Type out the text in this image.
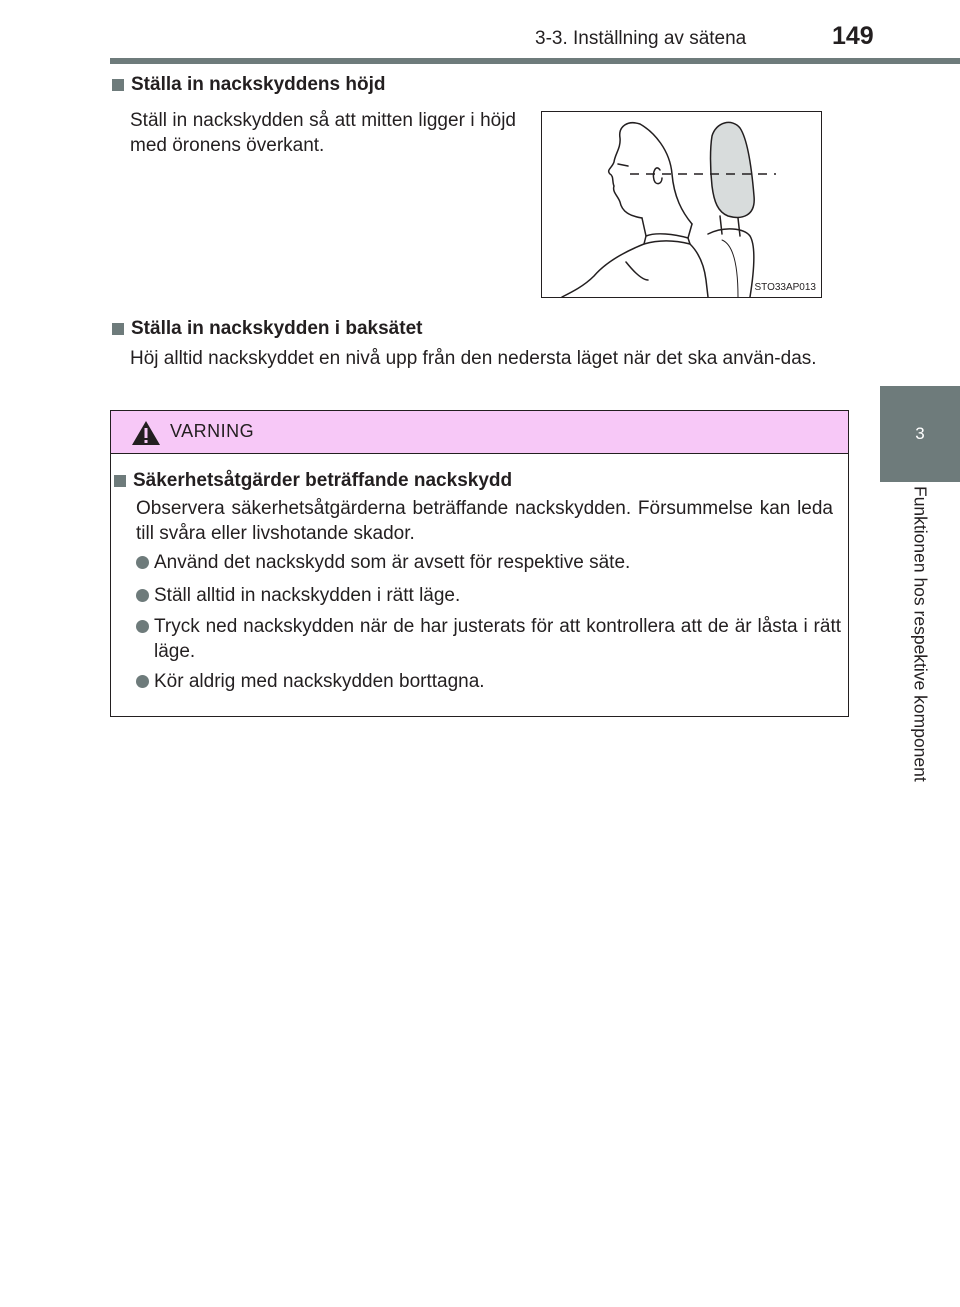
3-3. Inställning av sätena	149
3
Funktionen hos respektive komponent
Ställa in nackskyddens höjd
Ställ in nackskydden så att mitten ligger i höjd med öronens överkant.
STO33AP013
Ställa in nackskydden i baksätet
Höj alltid nackskyddet en nivå upp från den nedersta läget när det ska använ-das.
VARNING
Säkerhetsåtgärder beträffande nackskydd
Observera säkerhetsåtgärderna beträffande nackskydden. Försummelse kan leda till svåra eller livshotande skador.
Använd det nackskydd som är avsett för respektive säte.
Ställ alltid in nackskydden i rätt läge.
Tryck ned nackskydden när de har justerats för att kontrollera att de är låsta i rätt läge.
Kör aldrig med nackskydden borttagna.
